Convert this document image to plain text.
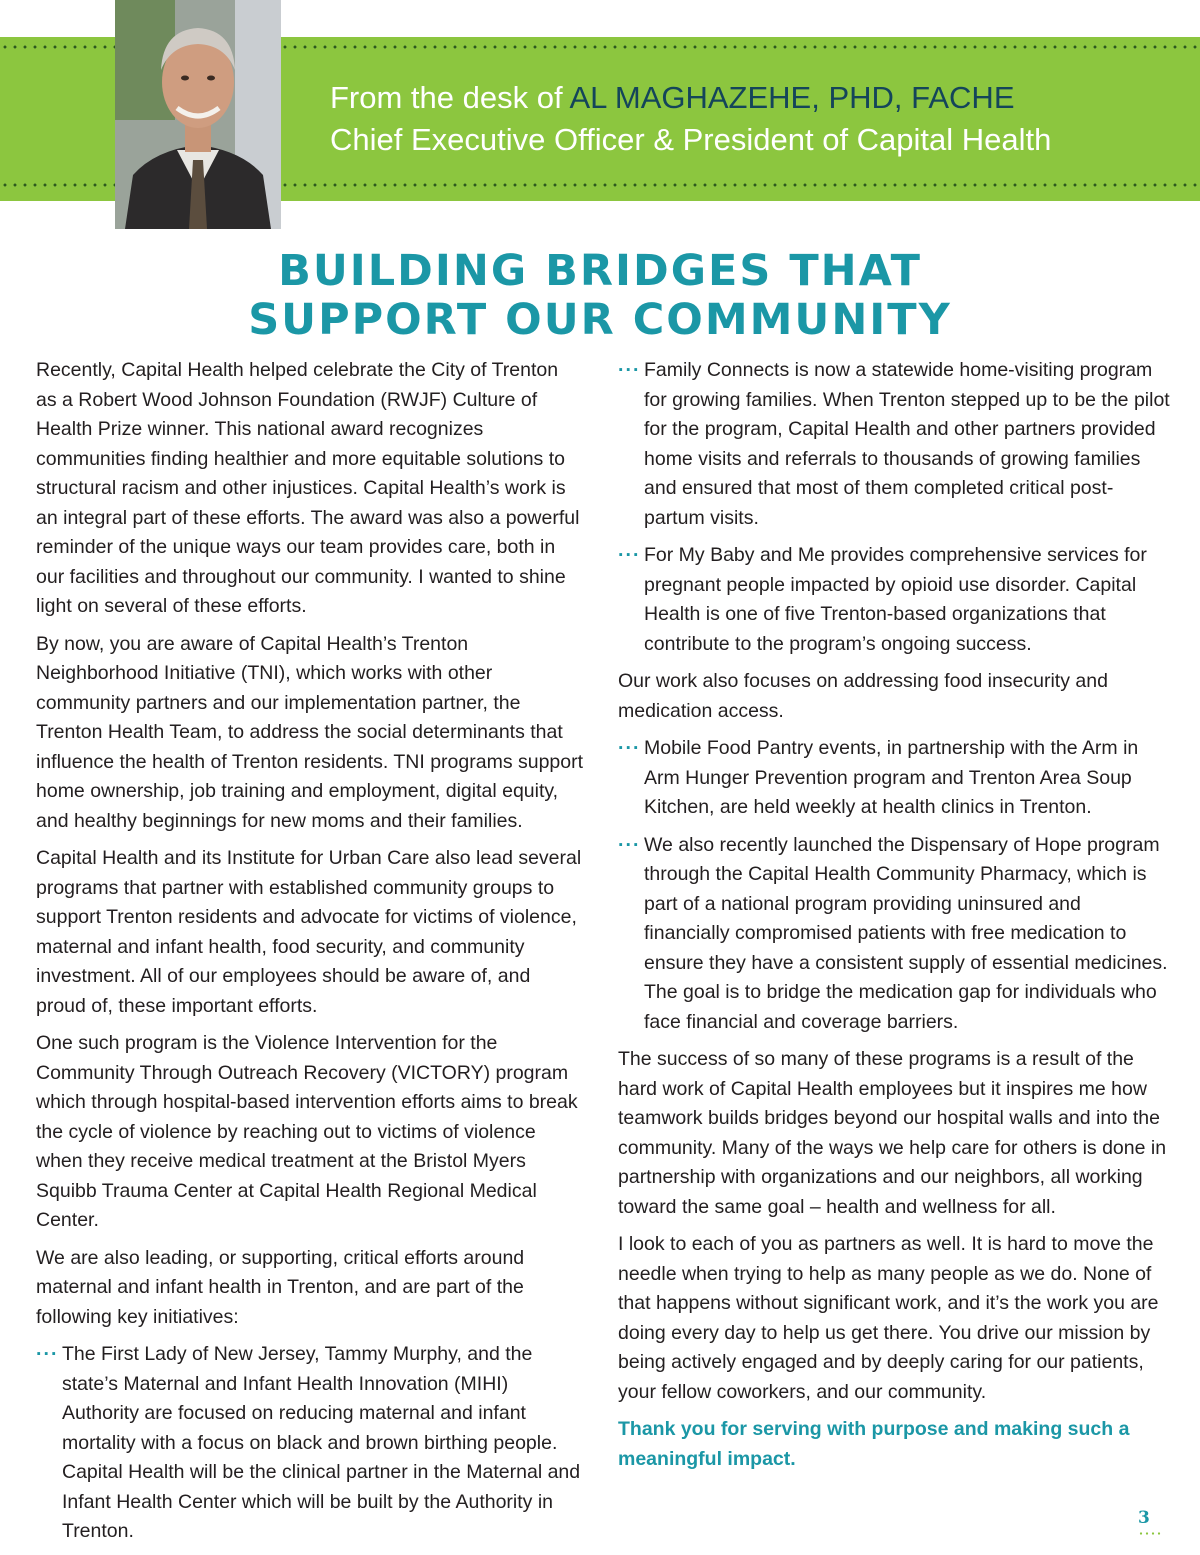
From the desk of AL MAGHAZEHE, PHD, FACHE
Chief Executive Officer & President of Capital Health
BUILDING BRIDGES THAT
SUPPORT OUR COMMUNITY

Recently, Capital Health helped celebrate the City of Trenton as a Robert Wood Johnson Foundation (RWJF) Culture of Health Prize winner. This national award recognizes communities finding healthier and more equitable solutions to structural racism and other injustices. Capital Health’s work is an integral part of these efforts. The award was also a powerful reminder of the unique ways our team provides care, both in our facilities and throughout our community. I wanted to shine light on several of these efforts.

By now, you are aware of Capital Health’s Trenton Neighborhood Initiative (TNI), which works with other community partners and our implementation partner, the Trenton Health Team, to address the social determinants that influence the health of Trenton residents. TNI programs support home ownership, job training and employment, digital equity, and healthy beginnings for new moms and their families.

Capital Health and its Institute for Urban Care also lead several programs that partner with established community groups to support Trenton residents and advocate for victims of violence, maternal and infant health, food security, and community investment. All of our employees should be aware of, and proud of, these important efforts.

One such program is the Violence Intervention for the Community Through Outreach Recovery (VICTORY) program which through hospital-based intervention efforts aims to break the cycle of violence by reaching out to victims of violence when they receive medical treatment at the Bristol Myers Squibb Trauma Center at Capital Health Regional Medical Center.

We are also leading, or supporting, critical efforts around maternal and infant health in Trenton, and are part of the following key initiatives:

··· The First Lady of New Jersey, Tammy Murphy, and the state’s Maternal and Infant Health Innovation (MIHI) Authority are focused on reducing maternal and infant mortality with a focus on black and brown birthing people. Capital Health will be the clinical partner in the Maternal and Infant Health Center which will be built by the Authority in Trenton.
··· Family Connects is now a statewide home-visiting program for growing families. When Trenton stepped up to be the pilot for the program, Capital Health and other partners provided home visits and referrals to thousands of growing families and ensured that most of them completed critical post-partum visits.
··· For My Baby and Me provides comprehensive services for pregnant people impacted by opioid use disorder. Capital Health is one of five Trenton-based organizations that contribute to the program’s ongoing success.

Our work also focuses on addressing food insecurity and medication access.

··· Mobile Food Pantry events, in partnership with the Arm in Arm Hunger Prevention program and Trenton Area Soup Kitchen, are held weekly at health clinics in Trenton.
··· We also recently launched the Dispensary of Hope program through the Capital Health Community Pharmacy, which is part of a national program providing uninsured and financially compromised patients with free medication to ensure they have a consistent supply of essential medicines. The goal is to bridge the medication gap for individuals who face financial and coverage barriers.

The success of so many of these programs is a result of the hard work of Capital Health employees but it inspires me how teamwork builds bridges beyond our hospital walls and into the community. Many of the ways we help care for others is done in partnership with organizations and our neighbors, all working toward the same goal – health and wellness for all.

I look to each of you as partners as well. It is hard to move the needle when trying to help as many people as we do. None of that happens without significant work, and it’s the work you are doing every day to help us get there. You drive our mission by being actively engaged and by deeply caring for our patients, your fellow coworkers, and our community.

Thank you for serving with purpose and making such a meaningful impact.

3
